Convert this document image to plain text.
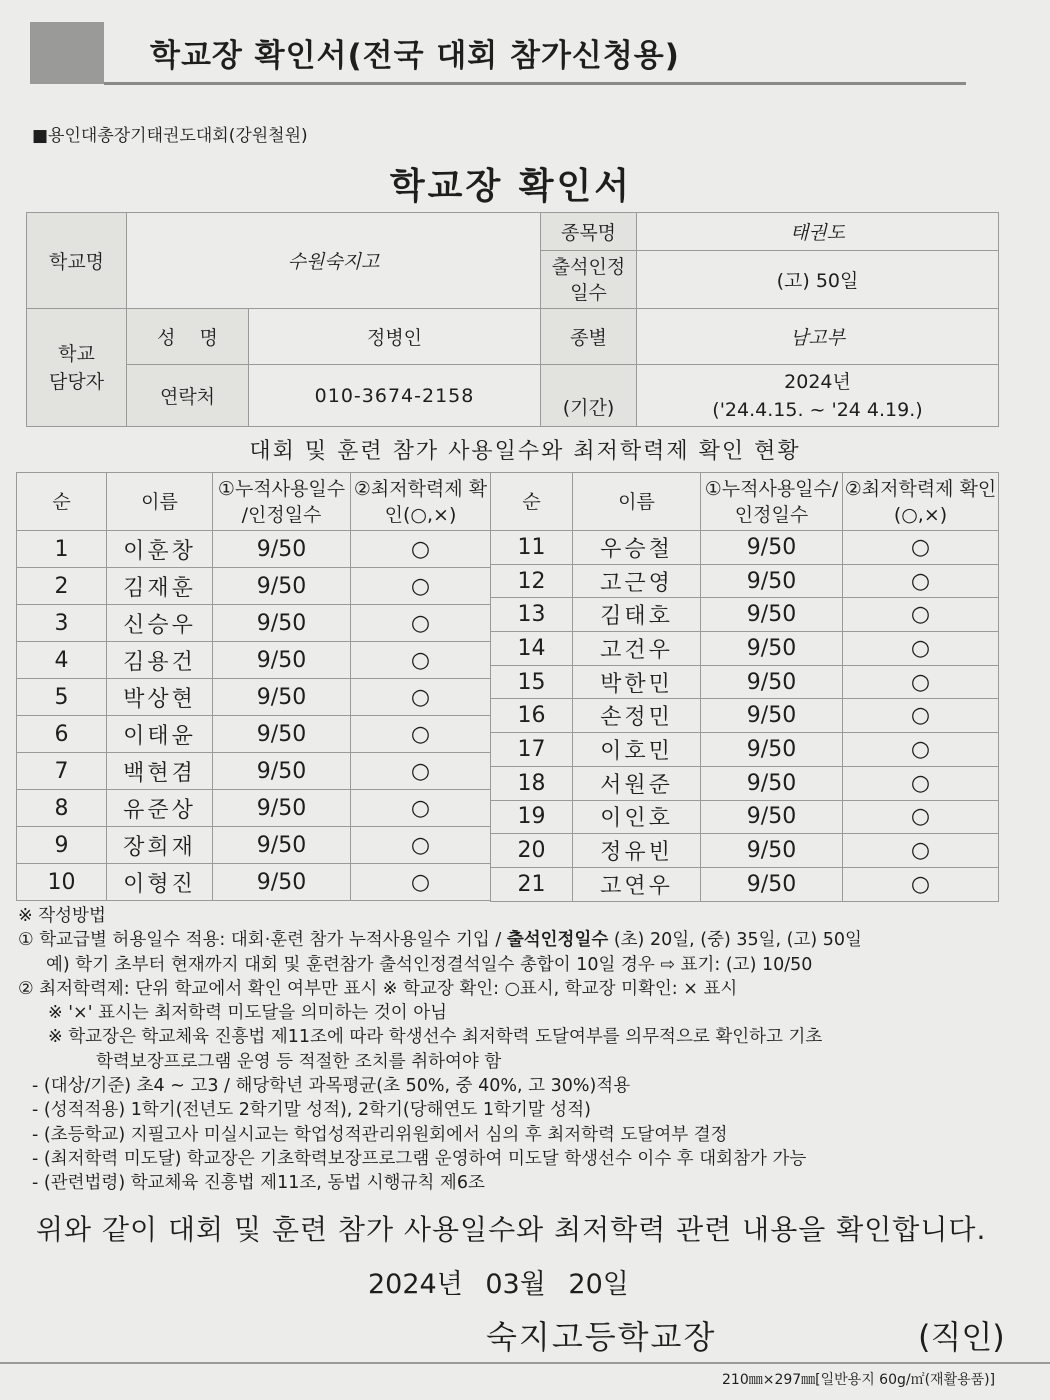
학교장 확인서(전국 대회 참가신청용)
■용인대총장기태권도대회(강원철원)
학교장 확인서
학교명	수원숙지고		종목명	태권도
			출석인정 일수	(고) 50일
학교 담당자	성 명	정병인	종별	남고부
	연락처	010-3674-2158	(기간)	2024년
('24.4.15. ~ '24 4.19.)
대회 및 훈련 참가 사용일수와 최저학력제 확인 현황
순	이름	①누적사용일수 /인정일수	②최저학력제 확인(○,×)
1	이훈창	9/50	○
2	김재훈	9/50	○
3	신승우	9/50	○
4	김용건	9/50	○
5	박상현	9/50	○
6	이태윤	9/50	○
7	백현겸	9/50	○
8	유준상	9/50	○
9	장희재	9/50	○
10	이형진	9/50	○
순	이름	①누적사용일수/ 인정일수	②최저학력제 확인(○,×)
11	우승철	9/50	○
12	고근영	9/50	○
13	김태호	9/50	○
14	고건우	9/50	○
15	박한민	9/50	○
16	손정민	9/50	○
17	이호민	9/50	○
18	서원준	9/50	○
19	이인호	9/50	○
20	정유빈	9/50	○
21	고연우	9/50	○
※ 작성방법
① 학교급별 허용일수 적용: 대회·훈련 참가 누적사용일수 기입 / 출석인정일수 (초) 20일, (중) 35일, (고) 50일
예) 학기 초부터 현재까지 대회 및 훈련참가 출석인정결석일수 총합이 10일 경우 ⇨ 표기: (고) 10/50
② 최저학력제: 단위 학교에서 확인 여부만 표시 ※ 학교장 확인: ○표시, 학교장 미확인: × 표시
※ '×' 표시는 최저학력 미도달을 의미하는 것이 아님
※ 학교장은 학교체육 진흥법 제11조에 따라 학생선수 최저학력 도달여부를 의무적으로 확인하고 기초
학력보장프로그램 운영 등 적절한 조치를 취하여야 함
- (대상/기준) 초4 ~ 고3 / 해당학년 과목평균(초 50%, 중 40%, 고 30%)적용
- (성적적용) 1학기(전년도 2학기말 성적), 2학기(당해연도 1학기말 성적)
- (초등학교) 지필고사 미실시교는 학업성적관리위원회에서 심의 후 최저학력 도달여부 결정
- (최저학력 미도달) 학교장은 기초학력보장프로그램 운영하여 미도달 학생선수 이수 후 대회참가 가능
- (관련법령) 학교체육 진흥법 제11조, 동법 시행규칙 제6조
위와 같이 대회 및 훈련 참가 사용일수와 최저학력 관련 내용을 확인합니다.
2024년 03월 20일
숙지고등학교장	(직인)
210㎜×297㎜[일반용지 60g/㎡(재활용품)]
